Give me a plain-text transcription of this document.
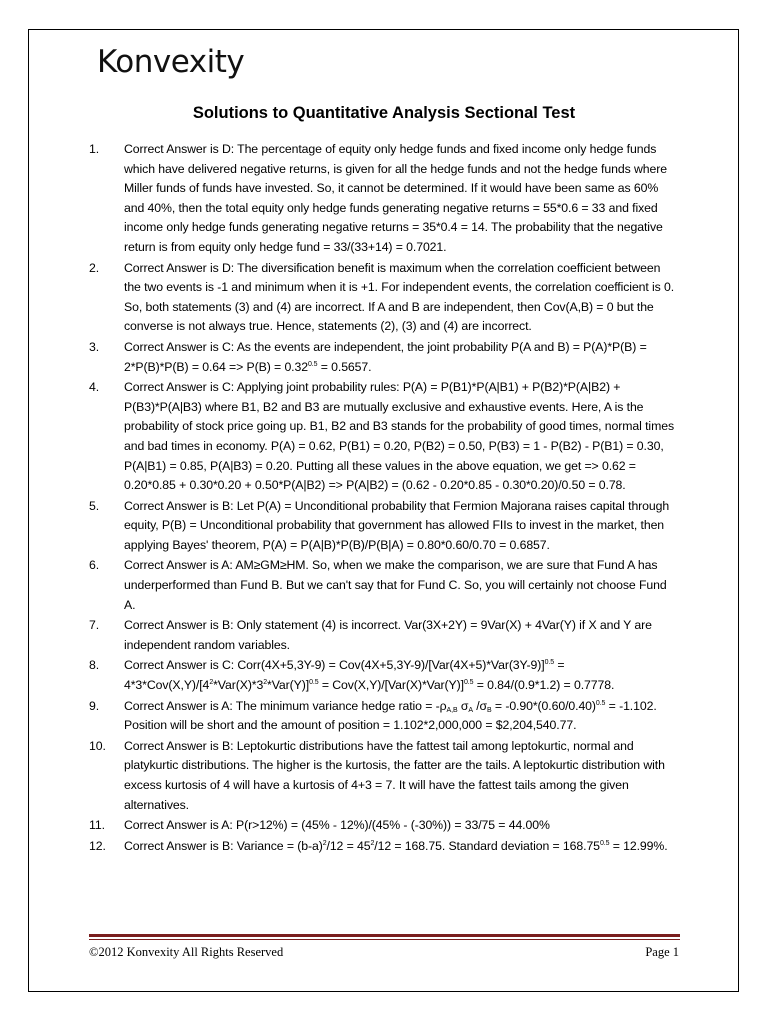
Konvexity
Solutions to Quantitative Analysis Sectional Test
1. Correct Answer is D: The percentage of equity only hedge funds and fixed income only hedge funds which have delivered negative returns, is given for all the hedge funds and not the hedge funds where Miller funds of funds have invested. So, it cannot be determined. If it would have been same as 60% and 40%, then the total equity only hedge funds generating negative returns = 55*0.6 = 33 and fixed income only hedge funds generating negative returns = 35*0.4 = 14. The probability that the negative return is from equity only hedge fund = 33/(33+14) = 0.7021.
2. Correct Answer is D: The diversification benefit is maximum when the correlation coefficient between the two events is -1 and minimum when it is +1. For independent events, the correlation coefficient is 0. So, both statements (3) and (4) are incorrect. If A and B are independent, then Cov(A,B) = 0 but the converse is not always true. Hence, statements (2), (3) and (4) are incorrect.
3. Correct Answer is C: As the events are independent, the joint probability P(A and $B) = P(A)*P(B) = 2*P(B)*P(B) = 0.64 => P(B) = 0.32^{0.5} = 0.5657$.
4. Correct Answer is C: Applying joint probability rules: P(A) = P(B1)*P(A|B1) + P(B2)*P(A|B2) + P(B3)*P(A|B3) where B1, B2 and B3 are mutually exclusive and exhaustive events. Here, A is the probability of stock price going up. B1, B2 and B3 stands for the probability of good times, normal times and bad times in economy. P(A) = 0.62, P(B1) = 0.20, P(B2) = 0.50, P(B3) = 1 - P(B2) - P(B1) = 0.30, P(A|B1) = 0.85, P(A|B3) = 0.20. Putting all these values in the above equation, we get => 0.62 = 0.20*0.85 + 0.30*0.20 + 0.50*P(A|B2) => P(A|B2) = (0.62 - 0.20*0.85 - 0.30*0.20)/0.50 = 0.78.
5. Correct Answer is B: Let P(A) = Unconditional probability that Fermion Majorana raises capital through equity, P(B) = Unconditional probability that government has allowed FIIs to invest in the market, then applying Bayes' theorem, P(A) = P(A|B)*P(B)/P(B|A) = 0.80*0.60/0.70 = 0.6857.
6. Correct Answer is A: AM≥GM≥HM. So, when we make the comparison, we are sure that Fund A has underperformed than Fund B. But we can't say that for Fund C. So, you will certainly not choose Fund A.
7. Correct Answer is B: Only statement (4) is incorrect. Var(3X+2Y) = 9Var(X) + 4Var(Y) if X and Y are independent random variables.
8. Correct Answer is C: Corr(4X+5,3Y-9) = $Cov(4X+5,3Y-9)/[Var(4X+5)*Var(3Y-9)]^{0.5} = 4*3*Cov(X,Y)/[4^2*Var(X)*3^2*Var(Y)]^{0.5} = Cov(X,Y)/[Var(X)*Var(Y)]^{0.5} = 0.84/(0.9*1.2) = 0.7778$.
9. Correct Answer is A: The minimum variance hedge ratio = $-\rho_{A,B}$ $\sigma_A$ $/\sigma_B = -0.90*(0.60/0.40)^{0.5} = -1.102$. Position will be short and the amount of position = 1.102*2,000,000 = $2,204,540.77.
10. Correct Answer is B: Leptokurtic distributions have the fattest tail among leptokurtic, normal and platykurtic distributions. The higher is the kurtosis, the fatter are the tails. A leptokurtic distribution with excess kurtosis of 4 will have a kurtosis of 4+3 = 7. It will have the fattest tails among the given alternatives.
11. Correct Answer is A: P(r>12%) = (45% - 12%)/(45% - (-30%)) = 33/75 = 44.00%
12. Correct Answer is B: Variance = $(b-a)^2/12 = 45^2/12 = 168.75$. Standard deviation = $168.75^{0.5} = 12.99\%$.
©2012 Konvexity All Rights Reserved	Page 1
